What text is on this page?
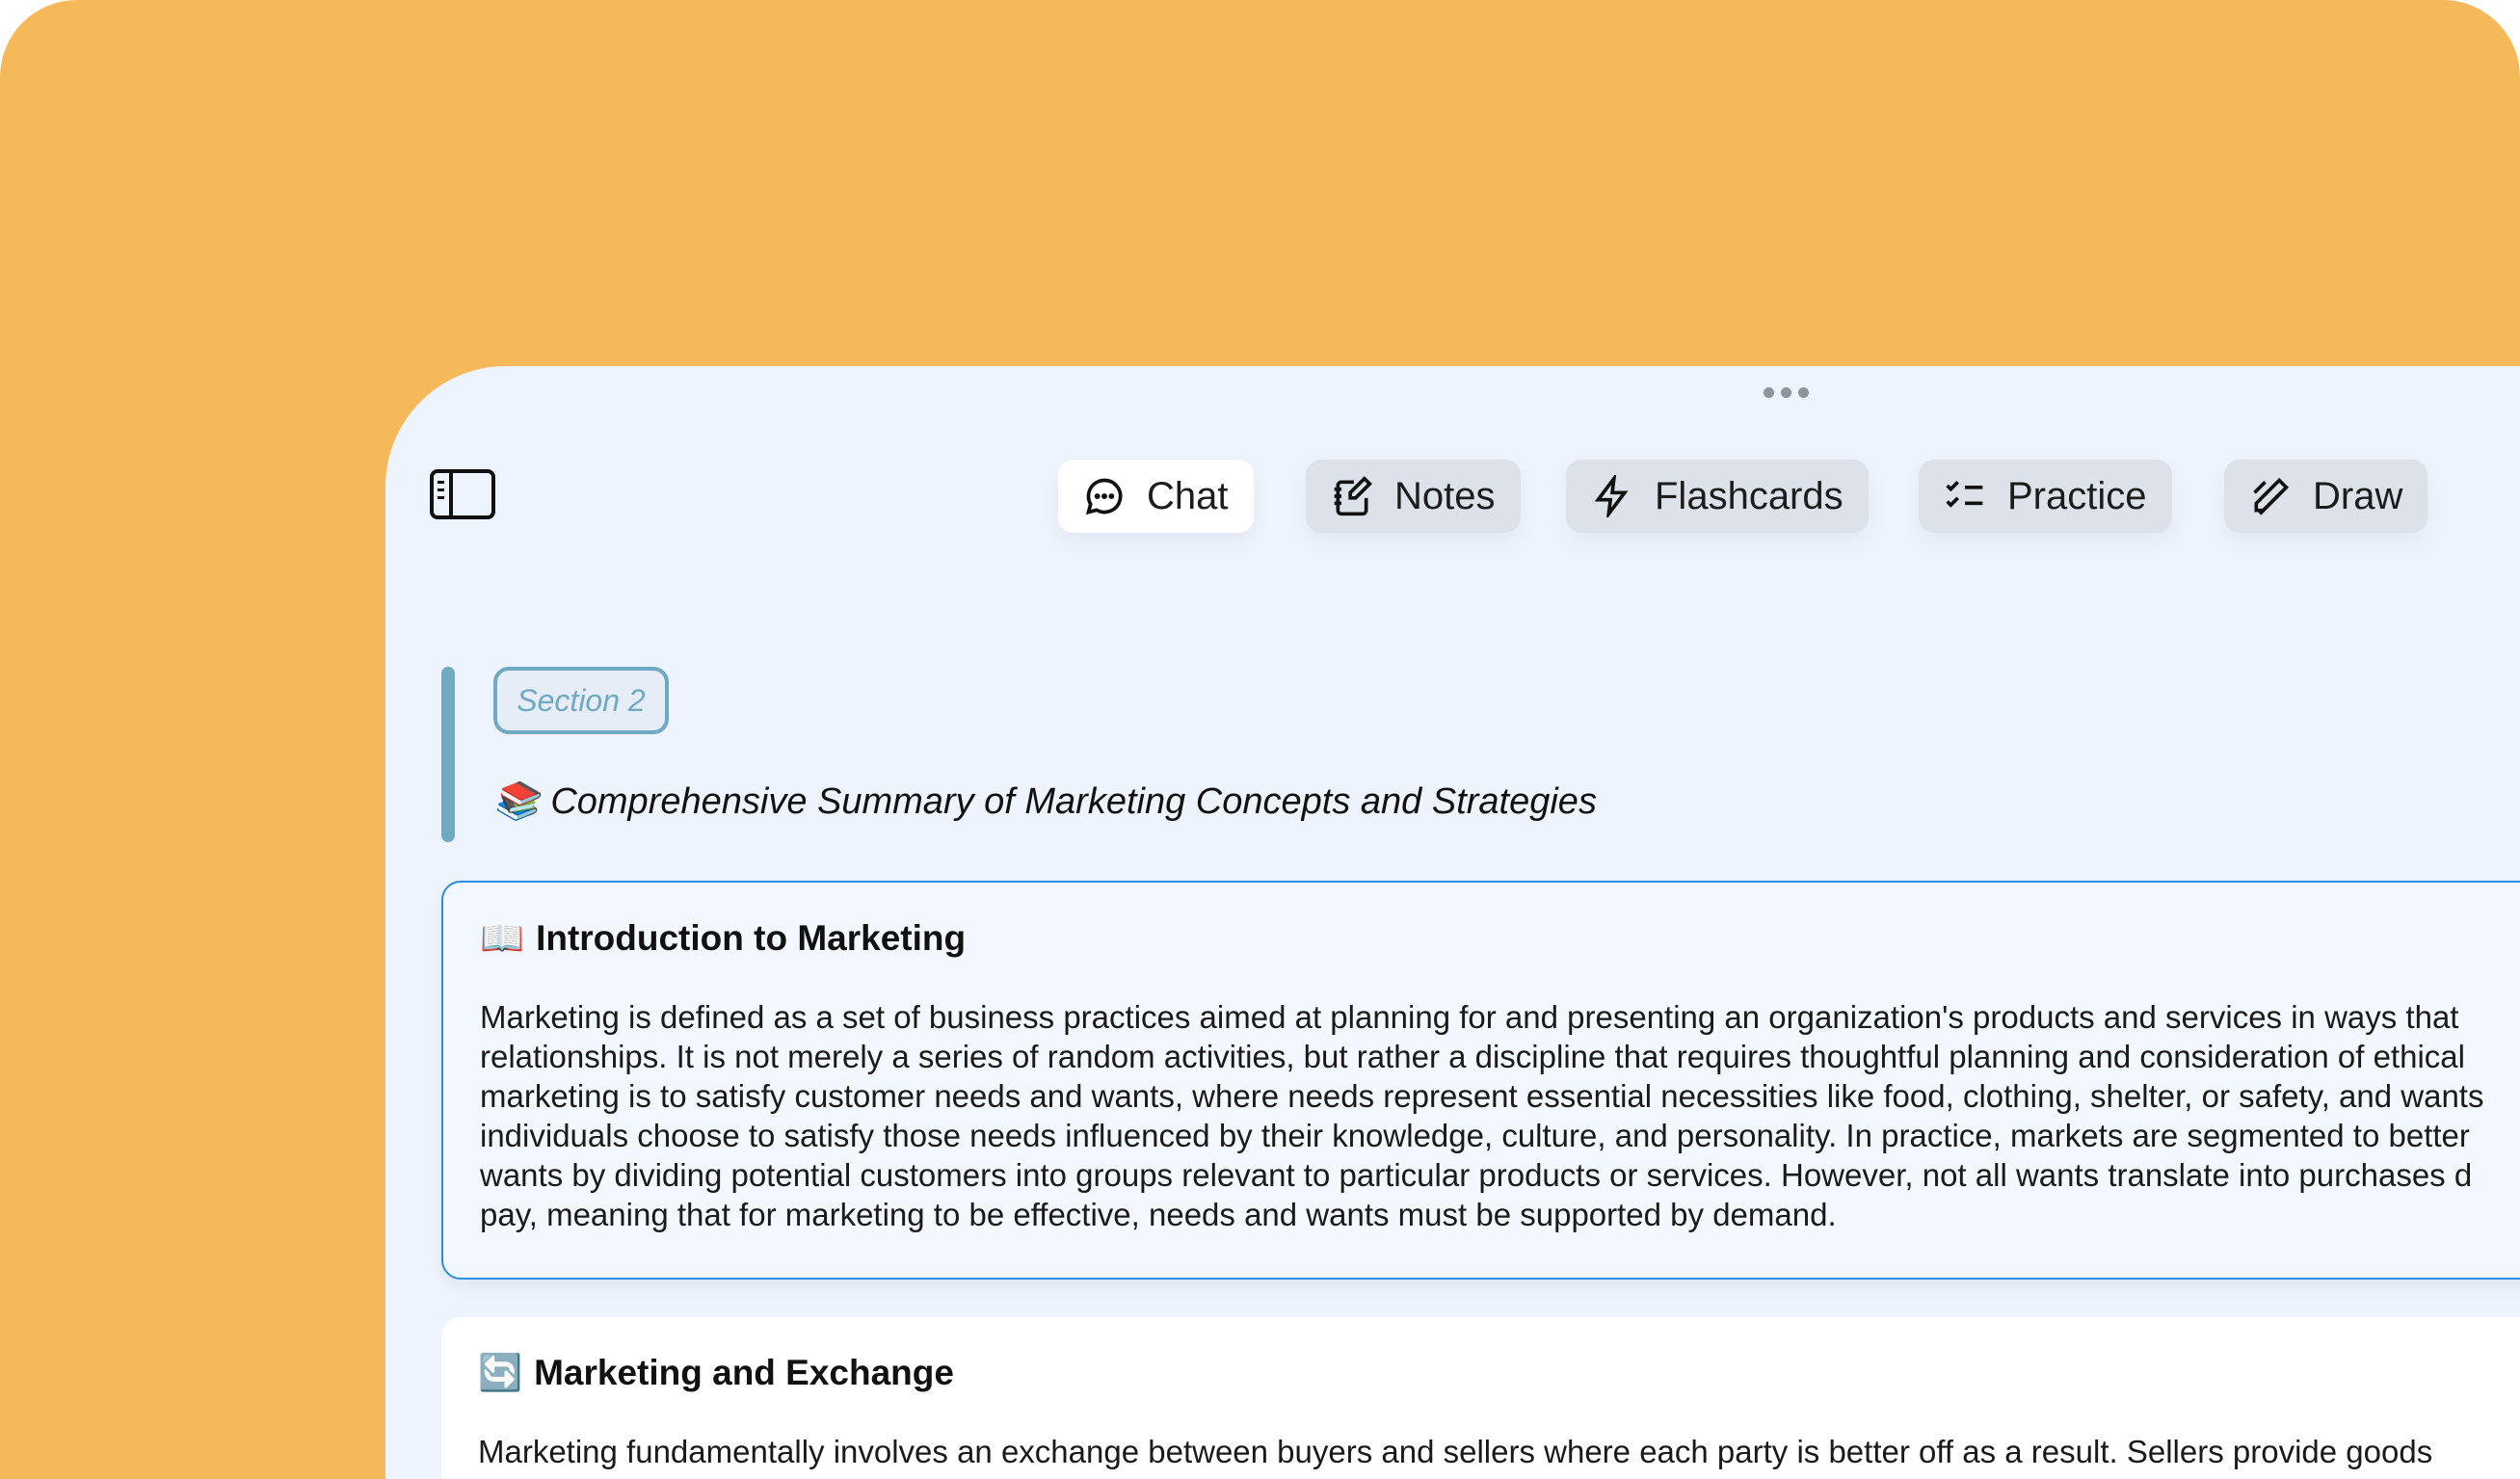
Chat	Notes	Flashcards	Practice	Draw
Section 2
📚 Comprehensive Summary of Marketing Concepts and Strategies
📖 Introduction to Marketing

Marketing is defined as a set of business practices aimed at planning for and presenting an organization's products and services in ways that
relationships. It is not merely a series of random activities, but rather a discipline that requires thoughtful planning and consideration of ethical
marketing is to satisfy customer needs and wants, where needs represent essential necessities like food, clothing, shelter, or safety, and wants
individuals choose to satisfy those needs influenced by their knowledge, culture, and personality. In practice, markets are segmented to better
wants by dividing potential customers into groups relevant to particular products or services. However, not all wants translate into purchases d
pay, meaning that for marketing to be effective, needs and wants must be supported by demand.

🔄 Marketing and Exchange

Marketing fundamentally involves an exchange between buyers and sellers where each party is better off as a result. Sellers provide goods
